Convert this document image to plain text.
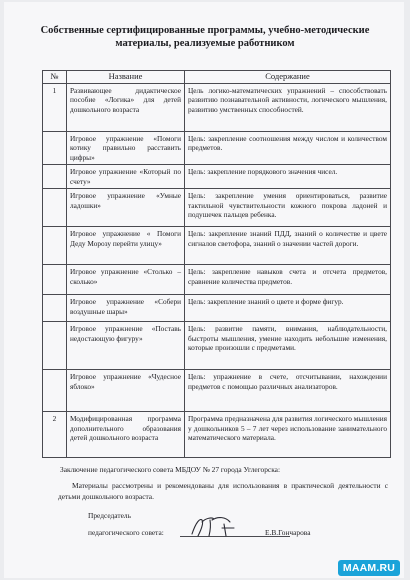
Собственные сертифицированные программы, учебно-методические
материалы, реализуемые работником
№	Название	Содержание
1	Развивающее дидактическое пособие «Логика» для детей дошкольного возраста	Цель логико-математических упражнений – способствовать развитию познавательной активности, логического мышления, развитию умственных способностей.
	Игровое упражнение «Помоги котику правильно расставить цифры»	Цель: закрепление соотношения между числом и количеством предметов.
	Игровое упражнение «Который по счету»	Цель: закрепление порядкового значения чисел.
	Игровое упражнение «Умные ладошки»	Цель: закрепление умения ориентироваться, развитие тактильной чувствительности кожного покрова ладоней и подушечек пальцев ребенка.
	Игровое упражнение « Помоги Деду Морозу перейти улицу»	Цель: закрепление знаний ПДД, знаний о количестве и цвете сигналов светофора, знаний о значении частей дороги.
	Игровое упражнение «Столько – сколько»	Цель: закрепление навыков счета и отсчета предметов, сравнение количества предметов.
	Игровое упражнение «Собери воздушные шары»	Цель: закрепление знаний о цвете и форме фигур.
	Игровое упражнение «Поставь недостающую фигуру»	Цель: развитие памяти, внимания, наблюдательности, быстроты мышления, умение находить небольшие изменения, которые произошли с предметами.
	Игровое упражнение «Чудесное яблоко»	Цель: упражнение в счете, отсчитывании, нахождении предметов с помощью различных анализаторов.
2	Модифицированная программа дополнительного образования детей дошкольного возраста	Программа предназначена для развития логического мышления у дошкольников 5 – 7 лет через использование занимательного математического материала.
Заключение педагогического совета МБДОУ № 27 города Углегорска:
Материалы рассмотрены и рекомендованы для использования в практической деятельности с детьми дошкольного возраста.
Председатель
педагогического совета:	Е.В.Гончарова
MAAM.RU
